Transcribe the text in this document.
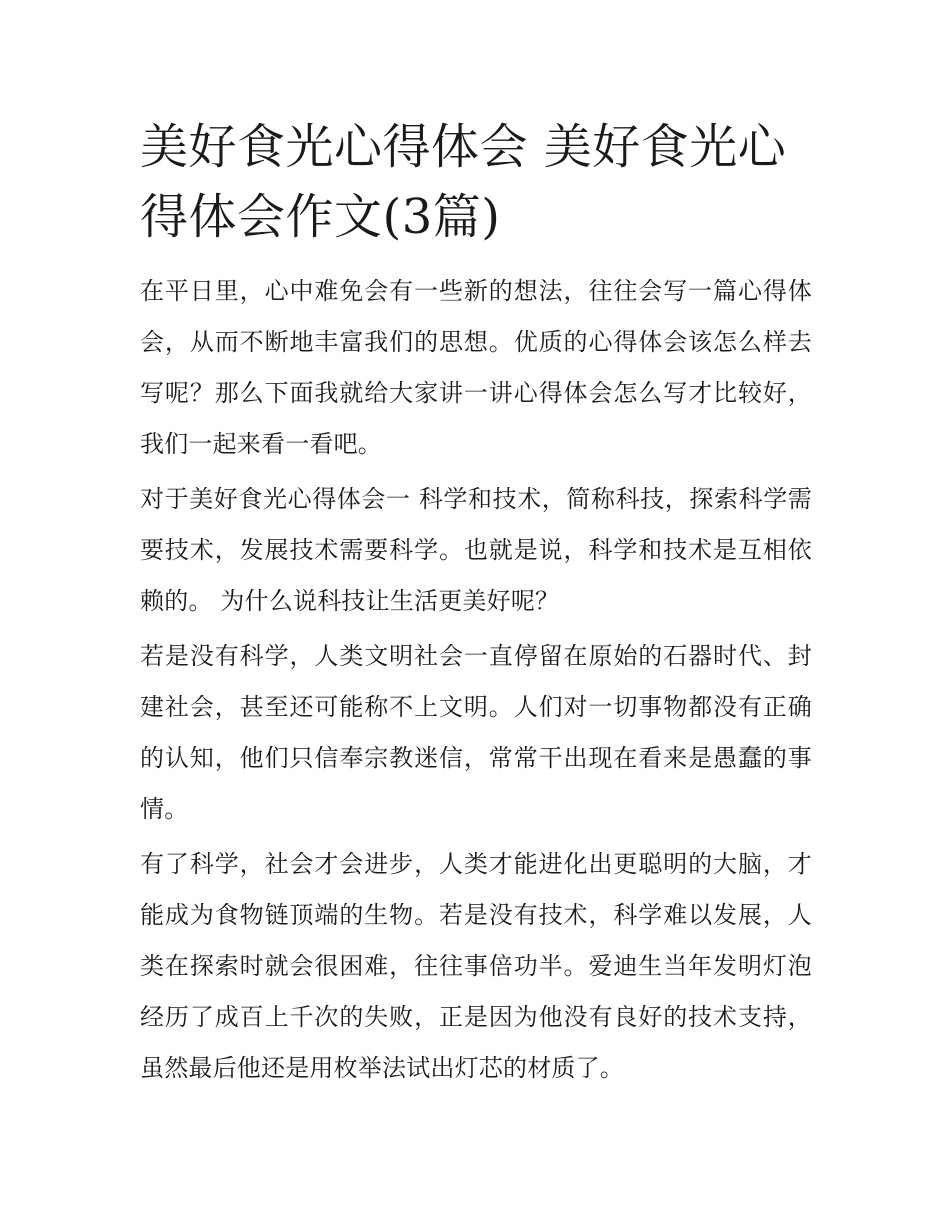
美好食光心得体会 美好食光心得体会作文(3篇)

在平日里，心中难免会有一些新的想法，往往会写一篇心得体会，从而不断地丰富我们的思想。优质的心得体会该怎么样去写呢？那么下面我就给大家讲一讲心得体会怎么写才比较好，我们一起来看一看吧。

对于美好食光心得体会一 科学和技术，简称科技，探索科学需要技术，发展技术需要科学。也就是说，科学和技术是互相依赖的。 为什么说科技让生活更美好呢？

若是没有科学，人类文明社会一直停留在原始的石器时代、封建社会，甚至还可能称不上文明。人们对一切事物都没有正确的认知，他们只信奉宗教迷信，常常干出现在看来是愚蠢的事情。

有了科学，社会才会进步，人类才能进化出更聪明的大脑，才能成为食物链顶端的生物。若是没有技术，科学难以发展，人类在探索时就会很困难，往往事倍功半。爱迪生当年发明灯泡经历了成百上千次的失败，正是因为他没有良好的技术支持，虽然最后他还是用枚举法试出灯芯的材质了。
